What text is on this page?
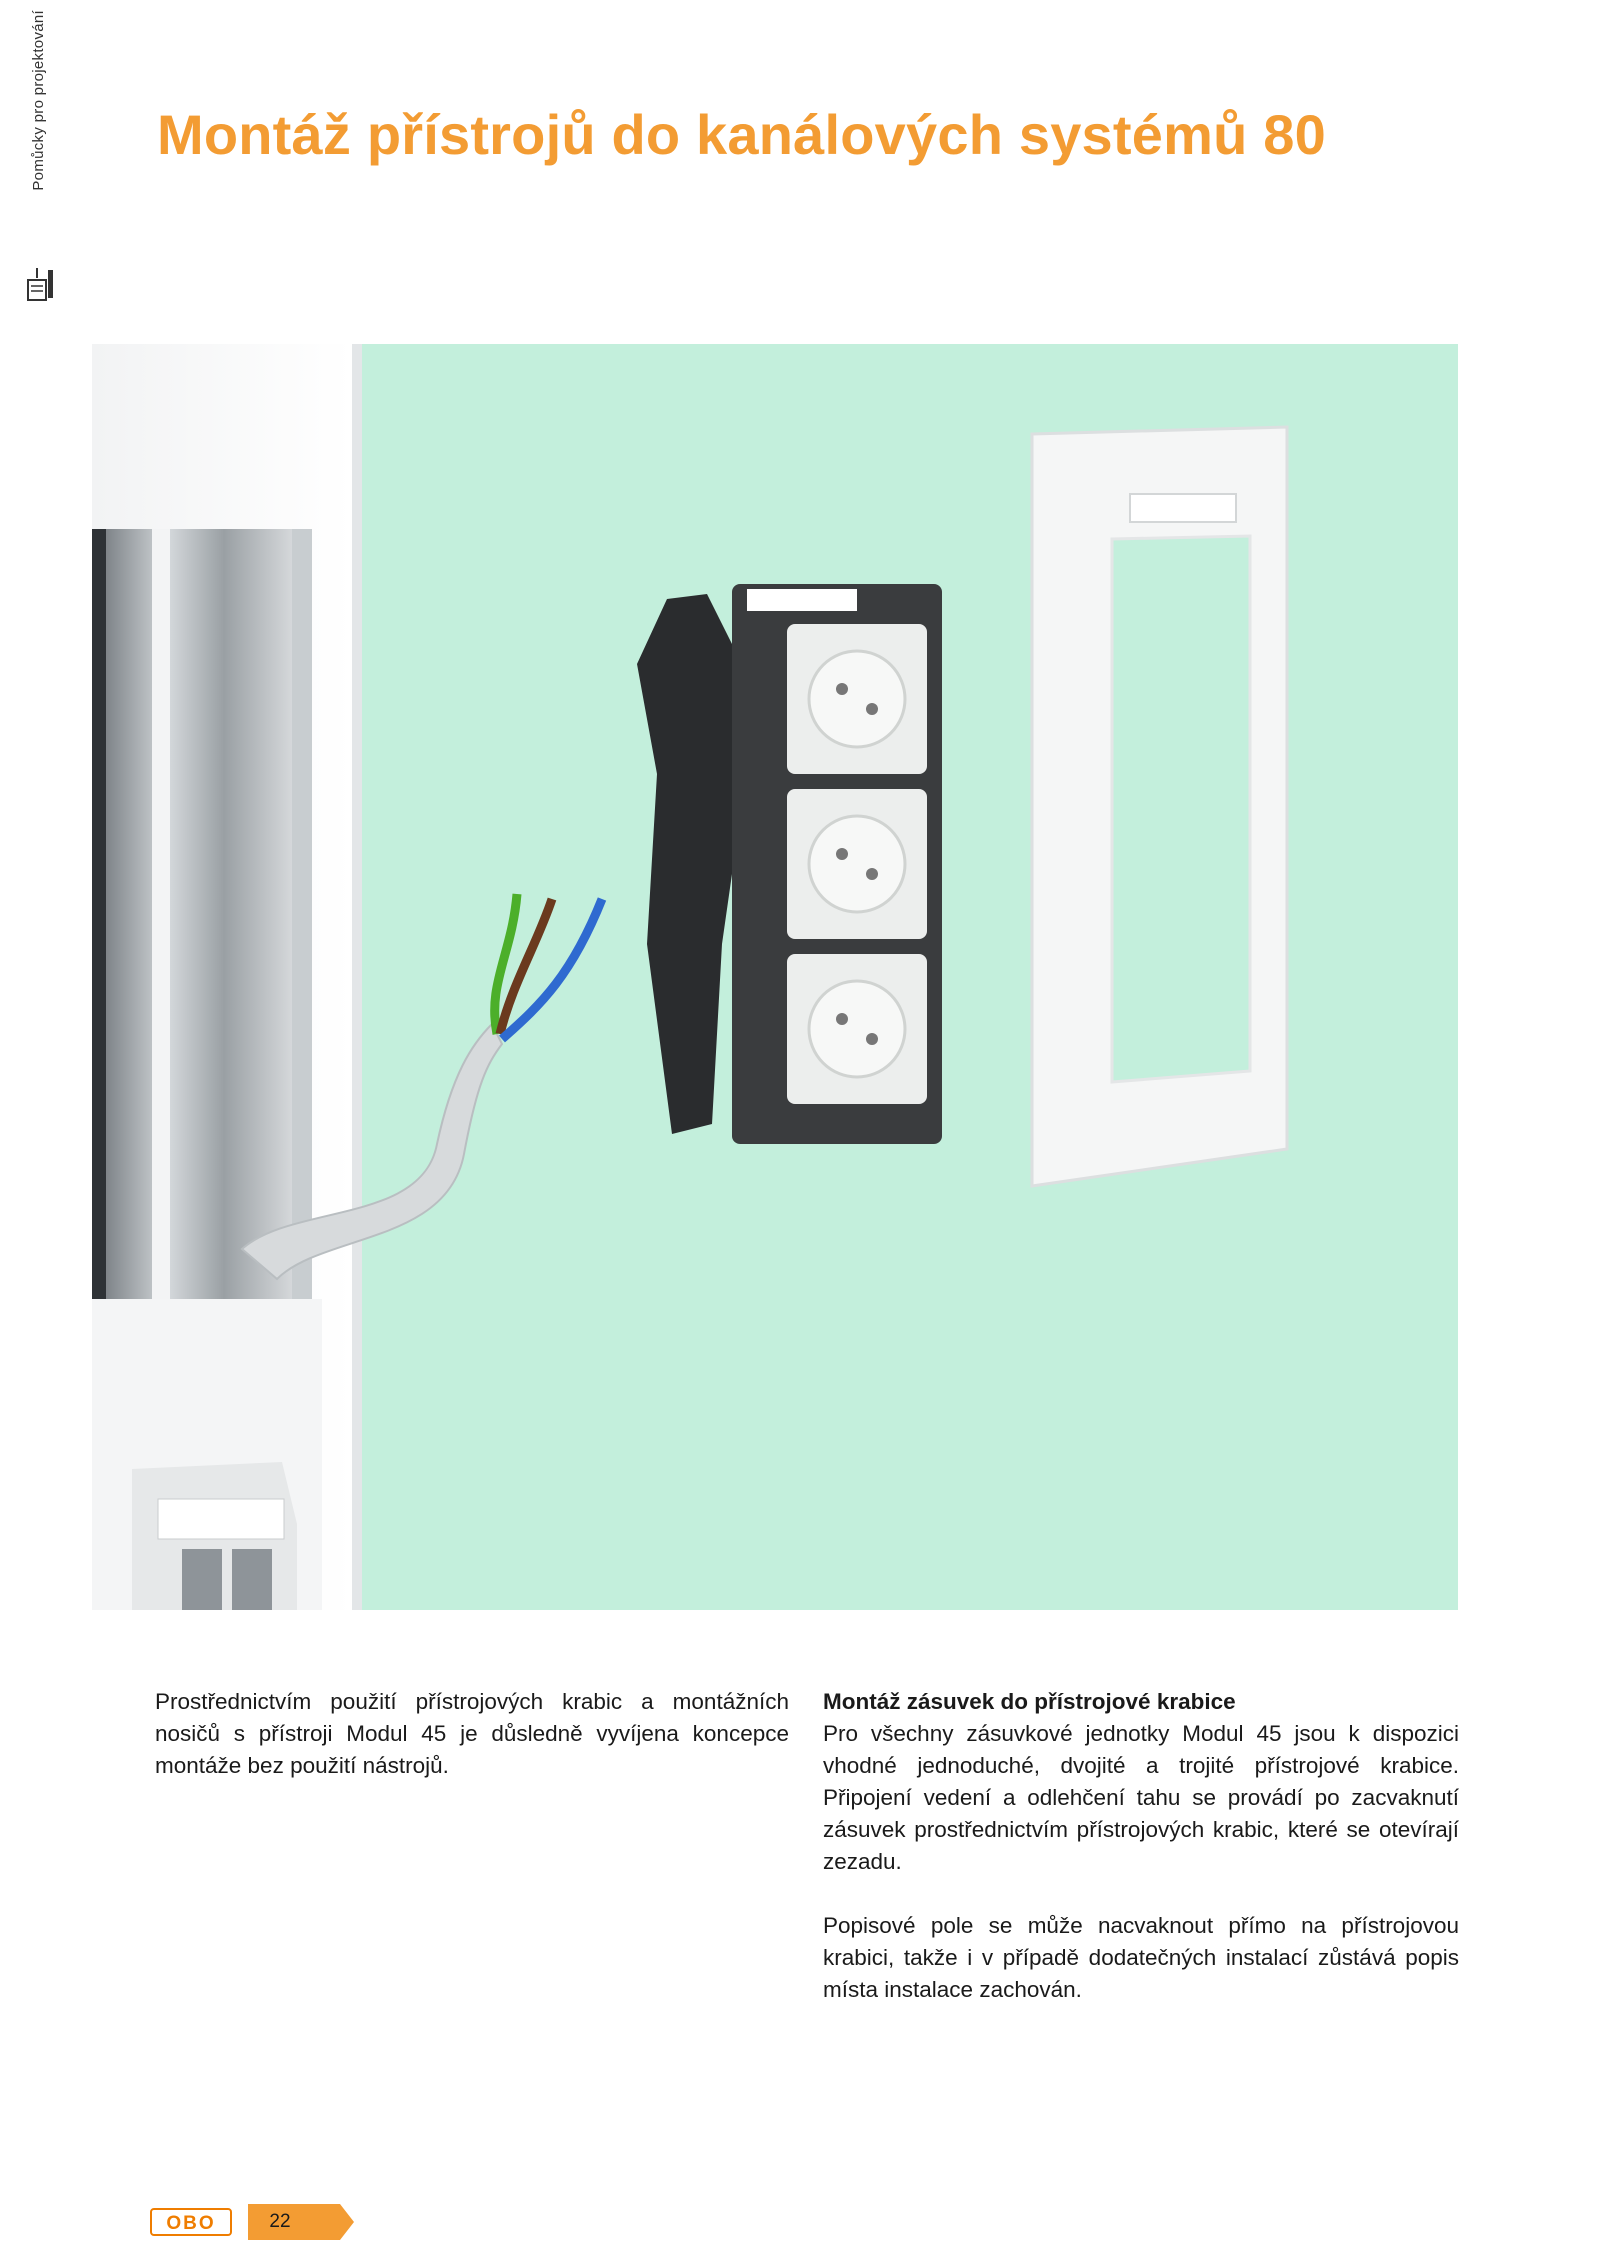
Pomůcky pro projektování Montáž přístrojů do kanálových systémů 80

Prostřednictvím použití přístrojových krabic a montážních nosičů s přístroji Modul 45 je důsledně vyvíjena koncepce montáže bez použití nástrojů.

Montáž zásuvek do přístrojové krabice

Pro všechny zásuvkové jednotky Modul 45 jsou k dispozici vhodné jednoduché, dvojité a trojité přístrojové krabice. Připojení vedení a odlehčení tahu se provádí po zacvaknutí zásuvek prostřednictvím přístrojových krabic, které se otevírají zezadu.

Popisové pole se může nacvaknout přímo na přístrojovou krabici, takže i v případě dodatečných instalací zůstává popis místa instalace zachován.

OBO	22
